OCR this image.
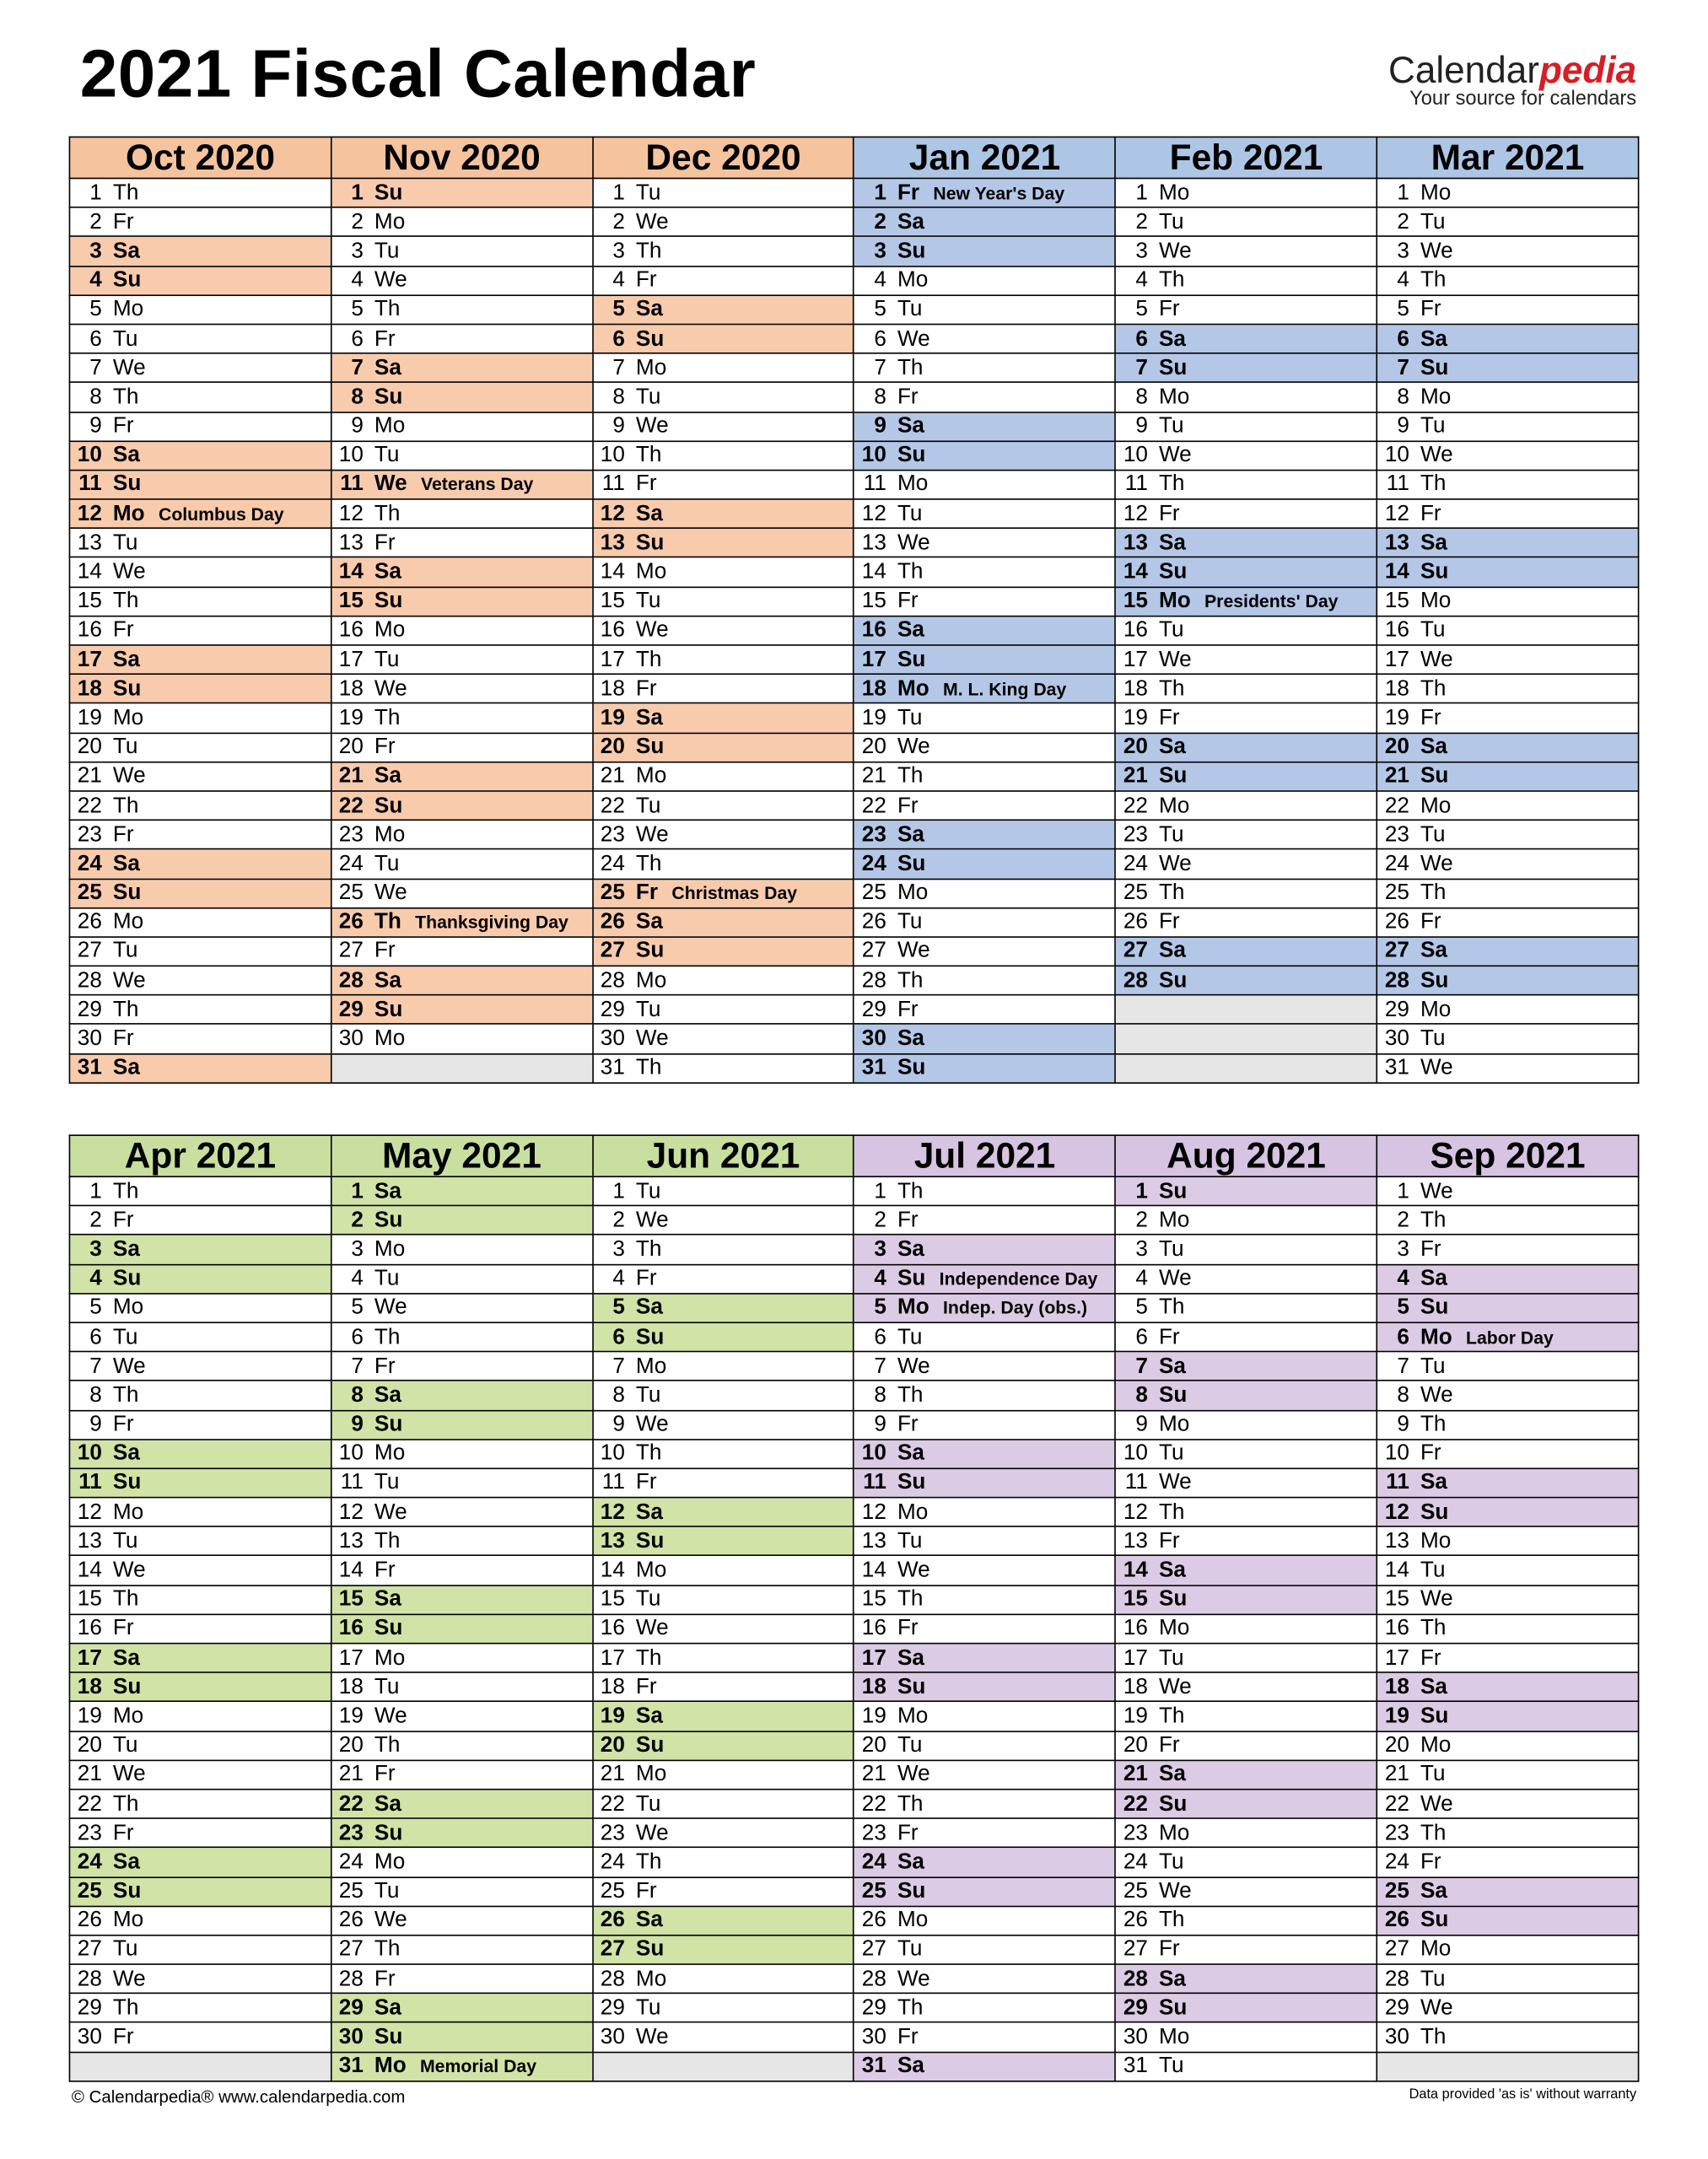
2021 Fiscal Calendar	Calendarpedia
Your source for calendars
Oct 2020	Nov 2020	Dec 2020	Jan 2021	Feb 2021	Mar 2021
1 Th	1 Su	1 Tu	1 Fr New Year's Day	1 Mo	1 Mo
2 Fr	2 Mo	2 We	2 Sa	2 Tu	2 Tu
3 Sa	3 Tu	3 Th	3 Su	3 We	3 We
4 Su	4 We	4 Fr	4 Mo	4 Th	4 Th
5 Mo	5 Th	5 Sa	5 Tu	5 Fr	5 Fr
6 Tu	6 Fr	6 Su	6 We	6 Sa	6 Sa
7 We	7 Sa	7 Mo	7 Th	7 Su	7 Su
8 Th	8 Su	8 Tu	8 Fr	8 Mo	8 Mo
9 Fr	9 Mo	9 We	9 Sa	9 Tu	9 Tu
10 Sa	10 Tu	10 Th	10 Su	10 We	10 We
11 Su	11 We Veterans Day	11 Fr	11 Mo	11 Th	11 Th
12 Mo Columbus Day	12 Th	12 Sa	12 Tu	12 Fr	12 Fr
13 Tu	13 Fr	13 Su	13 We	13 Sa	13 Sa
14 We	14 Sa	14 Mo	14 Th	14 Su	14 Su
15 Th	15 Su	15 Tu	15 Fr	15 Mo Presidents' Day	15 Mo
16 Fr	16 Mo	16 We	16 Sa	16 Tu	16 Tu
17 Sa	17 Tu	17 Th	17 Su	17 We	17 We
18 Su	18 We	18 Fr	18 Mo M. L. King Day	18 Th	18 Th
19 Mo	19 Th	19 Sa	19 Tu	19 Fr	19 Fr
20 Tu	20 Fr	20 Su	20 We	20 Sa	20 Sa
21 We	21 Sa	21 Mo	21 Th	21 Su	21 Su
22 Th	22 Su	22 Tu	22 Fr	22 Mo	22 Mo
23 Fr	23 Mo	23 We	23 Sa	23 Tu	23 Tu
24 Sa	24 Tu	24 Th	24 Su	24 We	24 We
25 Su	25 We	25 Fr Christmas Day	25 Mo	25 Th	25 Th
26 Mo	26 Th Thanksgiving Day	26 Sa	26 Tu	26 Fr	26 Fr
27 Tu	27 Fr	27 Su	27 We	27 Sa	27 Sa
28 We	28 Sa	28 Mo	28 Th	28 Su	28 Su
29 Th	29 Su	29 Tu	29 Fr		29 Mo
30 Fr	30 Mo	30 We	30 Sa		30 Tu
31 Sa		31 Th	31 Su		31 We
Apr 2021	May 2021	Jun 2021	Jul 2021	Aug 2021	Sep 2021
1 Th	1 Sa	1 Tu	1 Th	1 Su	1 We
2 Fr	2 Su	2 We	2 Fr	2 Mo	2 Th
3 Sa	3 Mo	3 Th	3 Sa	3 Tu	3 Fr
4 Su	4 Tu	4 Fr	4 Su Independence Day	4 We	4 Sa
5 Mo	5 We	5 Sa	5 Mo Indep. Day (obs.)	5 Th	5 Su
6 Tu	6 Th	6 Su	6 Tu	6 Fr	6 Mo Labor Day
7 We	7 Fr	7 Mo	7 We	7 Sa	7 Tu
8 Th	8 Sa	8 Tu	8 Th	8 Su	8 We
9 Fr	9 Su	9 We	9 Fr	9 Mo	9 Th
10 Sa	10 Mo	10 Th	10 Sa	10 Tu	10 Fr
11 Su	11 Tu	11 Fr	11 Su	11 We	11 Sa
12 Mo	12 We	12 Sa	12 Mo	12 Th	12 Su
13 Tu	13 Th	13 Su	13 Tu	13 Fr	13 Mo
14 We	14 Fr	14 Mo	14 We	14 Sa	14 Tu
15 Th	15 Sa	15 Tu	15 Th	15 Su	15 We
16 Fr	16 Su	16 We	16 Fr	16 Mo	16 Th
17 Sa	17 Mo	17 Th	17 Sa	17 Tu	17 Fr
18 Su	18 Tu	18 Fr	18 Su	18 We	18 Sa
19 Mo	19 We	19 Sa	19 Mo	19 Th	19 Su
20 Tu	20 Th	20 Su	20 Tu	20 Fr	20 Mo
21 We	21 Fr	21 Mo	21 We	21 Sa	21 Tu
22 Th	22 Sa	22 Tu	22 Th	22 Su	22 We
23 Fr	23 Su	23 We	23 Fr	23 Mo	23 Th
24 Sa	24 Mo	24 Th	24 Sa	24 Tu	24 Fr
25 Su	25 Tu	25 Fr	25 Su	25 We	25 Sa
26 Mo	26 We	26 Sa	26 Mo	26 Th	26 Su
27 Tu	27 Th	27 Su	27 Tu	27 Fr	27 Mo
28 We	28 Fr	28 Mo	28 We	28 Sa	28 Tu
29 Th	29 Sa	29 Tu	29 Th	29 Su	29 We
30 Fr	30 Su	30 We	30 Fr	30 Mo	30 Th
	31 Mo Memorial Day		31 Sa	31 Tu	
© Calendarpedia® www.calendarpedia.com	Data provided 'as is' without warranty
